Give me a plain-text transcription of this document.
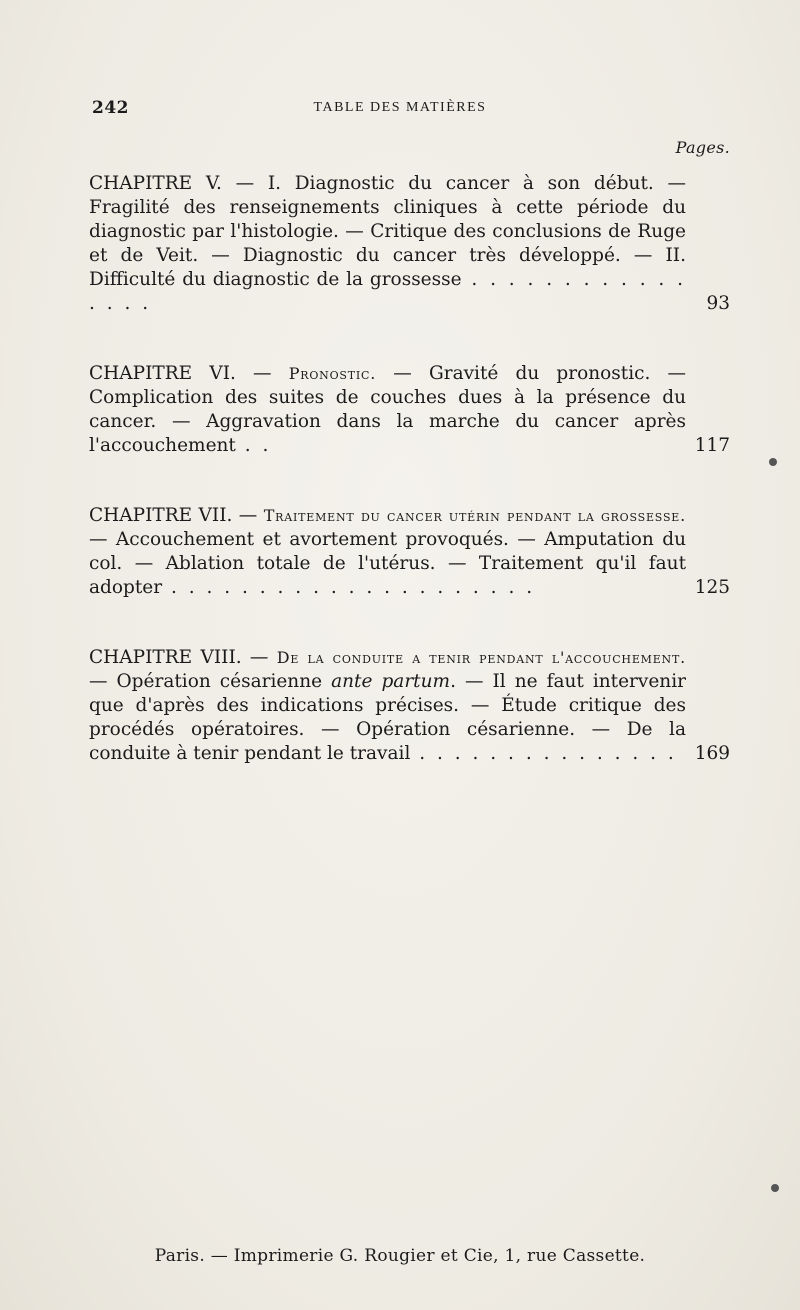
242	TABLE DES MATIÈRES
Pages.
CHAPITRE V. — I. Diagnostic du cancer à son début. — Fragilité des renseignements cliniques à cette période du diagnostic par l'histologie. — Critique des conclusions de Ruge et de Veit. — Diagnostic du cancer très développé. — II. Difficulté du diagnostic de la grossesse . . . . . . . . . . . . . . . .	93
CHAPITRE VI. — Pronostic. — Gravité du pronostic. — Complication des suites de couches dues à la présence du cancer. — Aggravation dans la marche du cancer après l'accouchement . .	117
CHAPITRE VII. — Traitement du cancer utérin pendant la grossesse. — Accouchement et avortement provoqués. — Amputation du col. — Ablation totale de l'utérus. — Traitement qu'il faut adopter . . . . . . . . . . . . . . . . . . . . .	125
CHAPITRE VIII. — De la conduite a tenir pendant l'accouchement. — Opération césarienne ante partum. — Il ne faut intervenir que d'après des indications précises. — Étude critique des procédés opératoires. — Opération césarienne. — De la conduite à tenir pendant le travail . . . . . . . . . . . . . . . 169
Paris. — Imprimerie G. Rougier et Cie, 1, rue Cassette.
